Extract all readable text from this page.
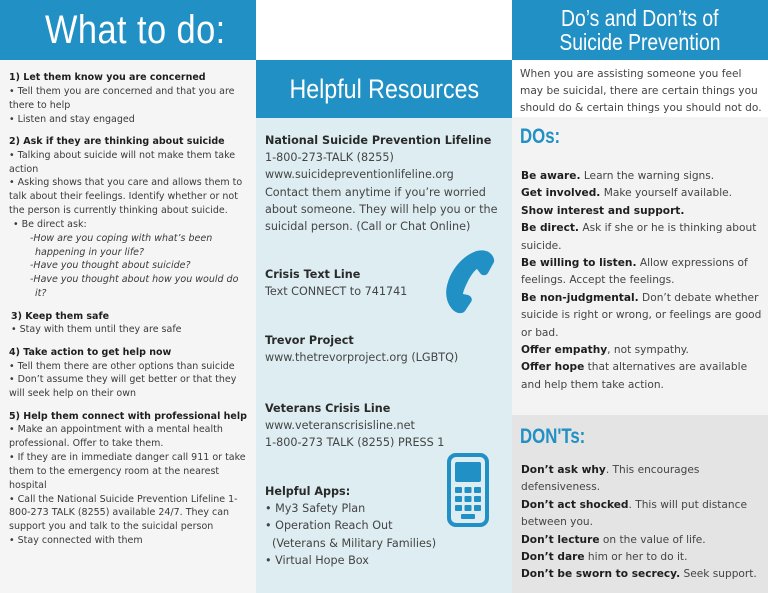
What to do:
1) Let them know you are concerned
• Tell them you are concerned and that you are there to help
• Listen and stay engaged
2) Ask if they are thinking about suicide
• Talking about suicide will not make them take action
• Asking shows that you care and allows them to talk about their feelings. Identify whether or not the person is currently thinking about suicide.
• Be direct ask:
-How are you coping with what’s been happening in your life?
-Have you thought about suicide?
-Have you thought about how you would do it?
3) Keep them safe
• Stay with them until they are safe
4) Take action to get help now
• Tell them there are other options than suicide
• Don’t assume they will get better or that they will seek help on their own
5) Help them connect with professional help
• Make an appointment with a mental health professional. Offer to take them.
• If they are in immediate danger call 911 or take them to the emergency room at the nearest hospital
• Call the National Suicide Prevention Lifeline 1-800-273 TALK (8255) available 24/7. They can support you and talk to the suicidal person
• Stay connected with them
Helpful Resources
National Suicide Prevention Lifeline
1-800-273-TALK (8255)
www.suicidepreventionlifeline.org
Contact them anytime if you’re worried about someone. They will help you or the suicidal person. (Call or Chat Online)
Crisis Text Line
Text CONNECT to 741741
Trevor Project
www.thetrevorproject.org (LGBTQ)
Veterans Crisis Line
www.veteranscrisisline.net
1-800-273 TALK (8255) PRESS 1
Helpful Apps:
• My3 Safety Plan
• Operation Reach Out
(Veterans & Military Families)
• Virtual Hope Box
Do’s and Don’ts of
Suicide Prevention
When you are assisting someone you feel may be suicidal, there are certain things you should do & certain things you should not do.
DOs:
DON'Ts:
Be aware. Learn the warning signs.
Get involved. Make yourself available.
Show interest and support.
Be direct. Ask if she or he is thinking about suicide.
Be willing to listen. Allow expressions of feelings. Accept the feelings.
Be non-judgmental. Don’t debate whether suicide is right or wrong, or feelings are good or bad.
Offer empathy, not sympathy.
Offer hope that alternatives are available and help them take action.
Don’t ask why. This encourages defensiveness.
Don’t act shocked. This will put distance between you.
Don’t lecture on the value of life.
Don’t dare him or her to do it.
Don’t be sworn to secrecy. Seek support.
